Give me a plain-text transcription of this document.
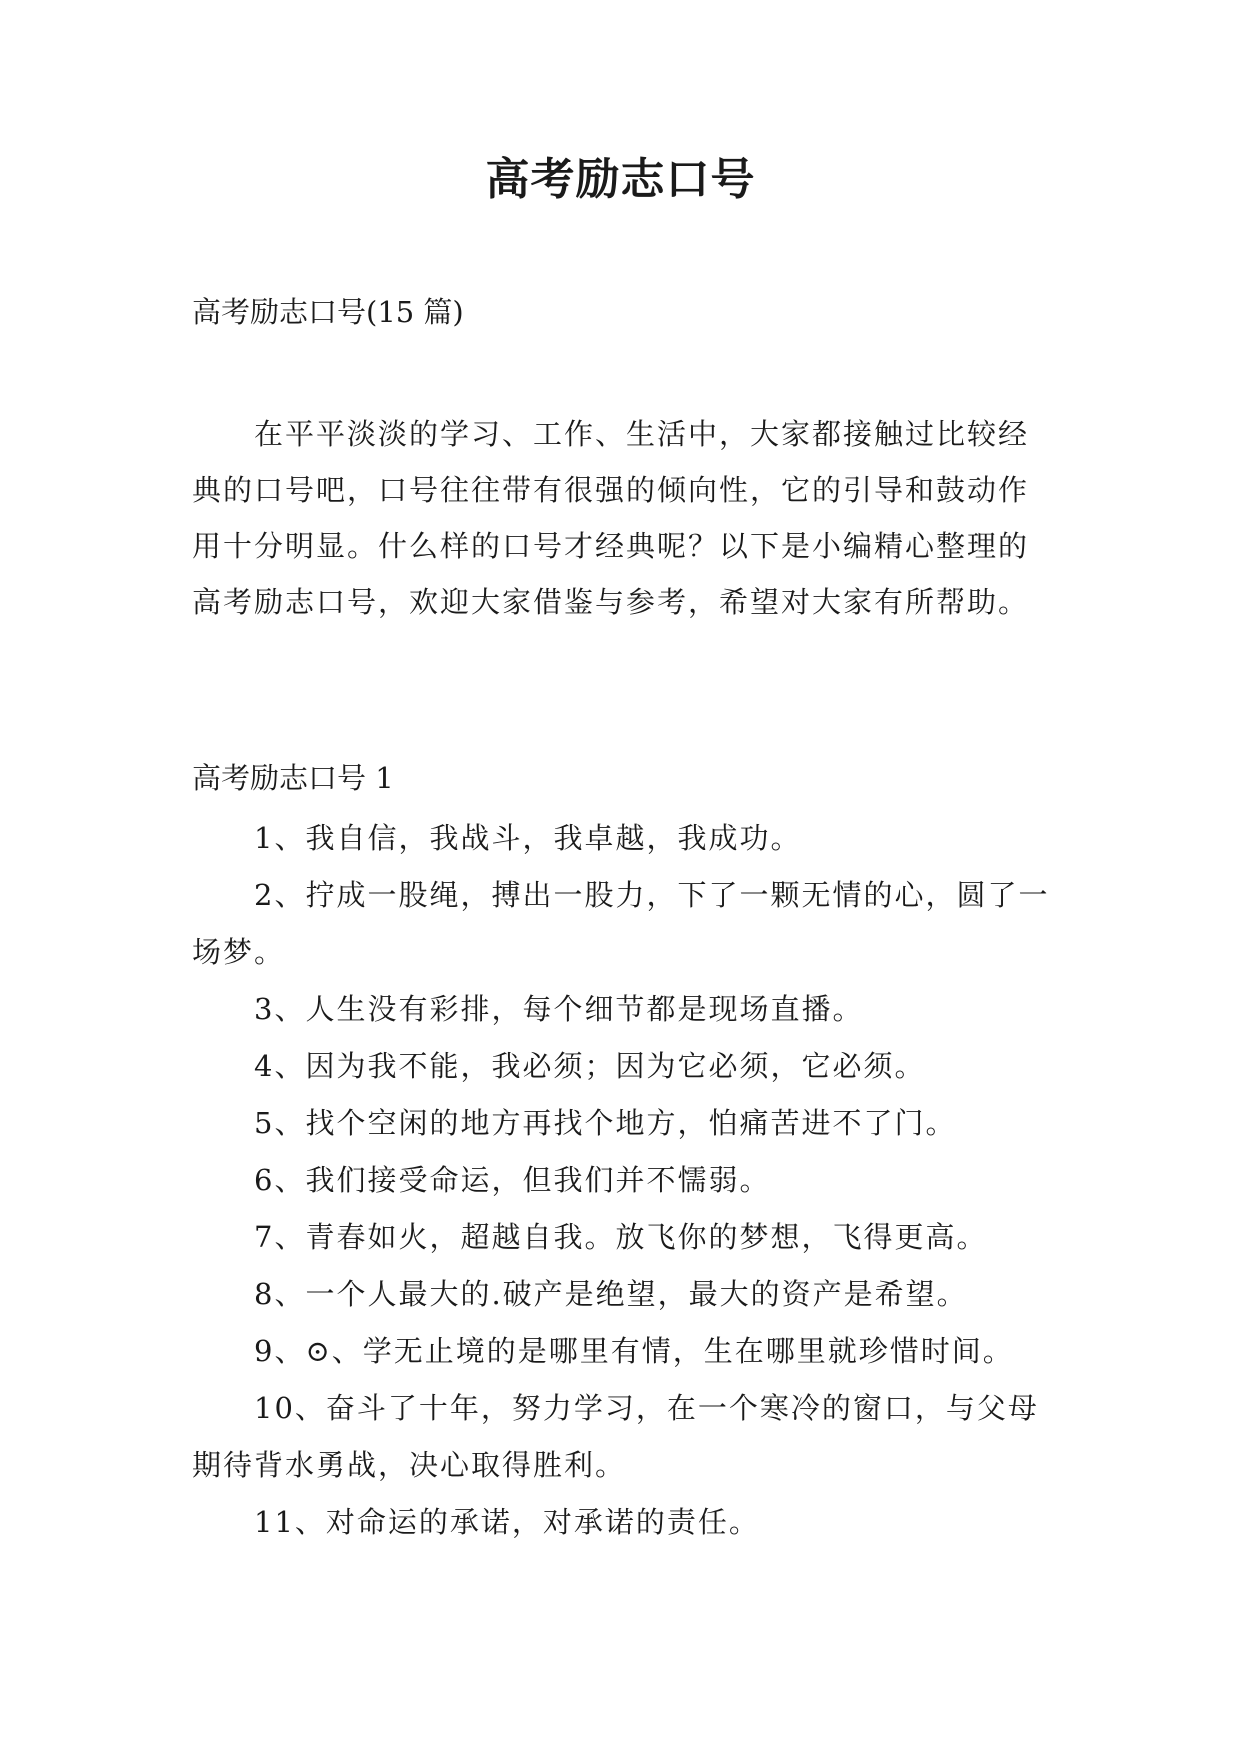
高考励志口号
高考励志口号(15 篇)

在平平淡淡的学习、工作、生活中，大家都接触过比较经典的口号吧，口号往往带有很强的倾向性，它的引导和鼓动作用十分明显。什么样的口号才经典呢？以下是小编精心整理的高考励志口号，欢迎大家借鉴与参考，希望对大家有所帮助。

高考励志口号 1
1、我自信，我战斗，我卓越，我成功。
2、拧成一股绳，搏出一股力，下了一颗无情的心，圆了一场梦。
3、人生没有彩排，每个细节都是现场直播。
4、因为我不能，我必须；因为它必须，它必须。
5、找个空闲的地方再找个地方，怕痛苦进不了门。
6、我们接受命运，但我们并不懦弱。
7、青春如火，超越自我。放飞你的梦想，飞得更高。
8、一个人最大的.破产是绝望，最大的资产是希望。
9、⊙、学无止境的是哪里有情，生在哪里就珍惜时间。
10、奋斗了十年，努力学习，在一个寒冷的窗口，与父母期待背水勇战，决心取得胜利。
11、对命运的承诺，对承诺的责任。
